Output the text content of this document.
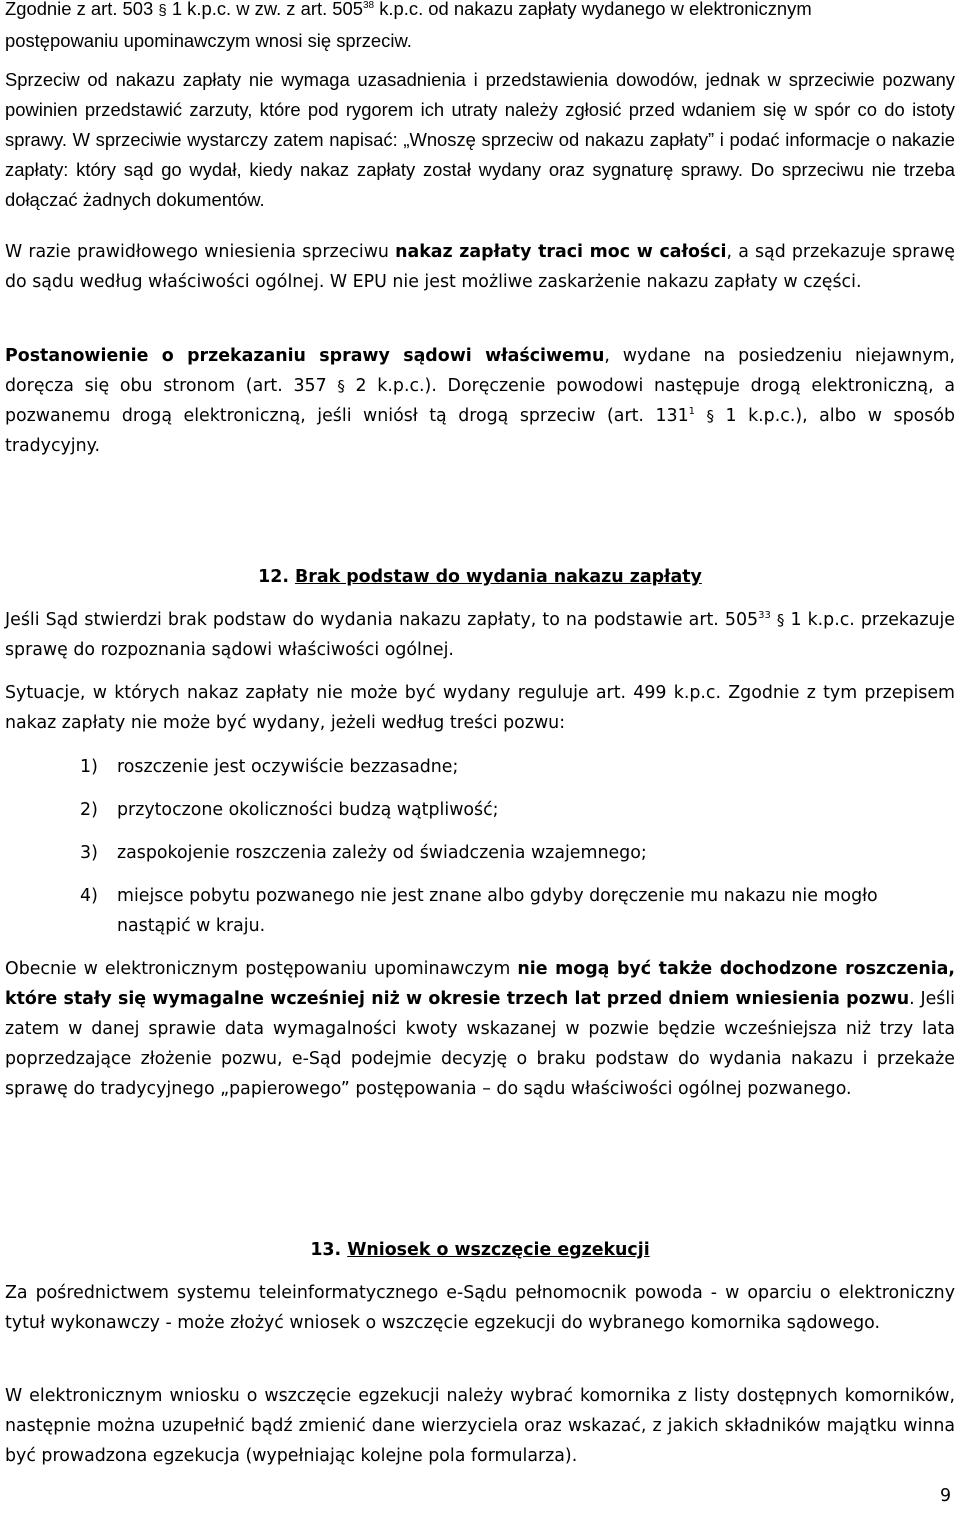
Zgodnie z art. 503 § 1 k.p.c. w zw. z art. $505^{38}$ k.p.c. od nakazu zapłaty wydanego w elektronicznym
postępowaniu upominawczym wnosi się sprzeciw.

Sprzeciw od nakazu zapłaty nie wymaga uzasadnienia i przedstawienia dowodów, jednak w sprzeciwie pozwany powinien przedstawić zarzuty, które pod rygorem ich utraty należy zgłosić przed wdaniem się w spór co do istoty sprawy. W sprzeciwie wystarczy zatem napisać: „Wnoszę sprzeciw od nakazu zapłaty” i podać informacje o nakazie zapłaty: który sąd go wydał, kiedy nakaz zapłaty został wydany oraz sygnaturę sprawy. Do sprzeciwu nie trzeba dołączać żadnych dokumentów.

W razie prawidłowego wniesienia sprzeciwu nakaz zapłaty traci moc w całości, a sąd przekazuje sprawę do sądu według właściwości ogólnej. W EPU nie jest możliwe zaskarżenie nakazu zapłaty w części.

Postanowienie o przekazaniu sprawy sądowi właściwemu, wydane na posiedzeniu niejawnym, doręcza się obu stronom (art. 357 § 2 k.p.c.). Doręczenie powodowi następuje drogą elektroniczną, a pozwanemu drogą elektroniczną, jeśli wniósł tą drogą sprzeciw (art. $131^1$ § 1 k.p.c.), albo w sposób tradycyjny.

12. Brak podstaw do wydania nakazu zapłaty

Jeśli Sąd stwierdzi brak podstaw do wydania nakazu zapłaty, to na podstawie art. $505^{33}$ § 1 k.p.c. przekazuje sprawę do rozpoznania sądowi właściwości ogólnej.

Sytuacje, w których nakaz zapłaty nie może być wydany reguluje art. 499 k.p.c. Zgodnie z tym przepisem nakaz zapłaty nie może być wydany, jeżeli według treści pozwu:

1) roszczenie jest oczywiście bezzasadne;
2) przytoczone okoliczności budzą wątpliwość;
3) zaspokojenie roszczenia zależy od świadczenia wzajemnego;
4) miejsce pobytu pozwanego nie jest znane albo gdyby doręczenie mu nakazu nie mogło nastąpić w kraju.

Obecnie w elektronicznym postępowaniu upominawczym nie mogą być także dochodzone roszczenia, które stały się wymagalne wcześniej niż w okresie trzech lat przed dniem wniesienia pozwu. Jeśli zatem w danej sprawie data wymagalności kwoty wskazanej w pozwie będzie wcześniejsza niż trzy lata poprzedzające złożenie pozwu, e-Sąd podejmie decyzję o braku podstaw do wydania nakazu i przekaże sprawę do tradycyjnego „papierowego” postępowania – do sądu właściwości ogólnej pozwanego.

13. Wniosek o wszczęcie egzekucji

Za pośrednictwem systemu teleinformatycznego e-Sądu pełnomocnik powoda - w oparciu o elektroniczny tytuł wykonawczy - może złożyć wniosek o wszczęcie egzekucji do wybranego komornika sądowego.

W elektronicznym wniosku o wszczęcie egzekucji należy wybrać komornika z listy dostępnych komorników, następnie można uzupełnić bądź zmienić dane wierzyciela oraz wskazać, z jakich składników majątku winna być prowadzona egzekucja (wypełniając kolejne pola formularza).

9
